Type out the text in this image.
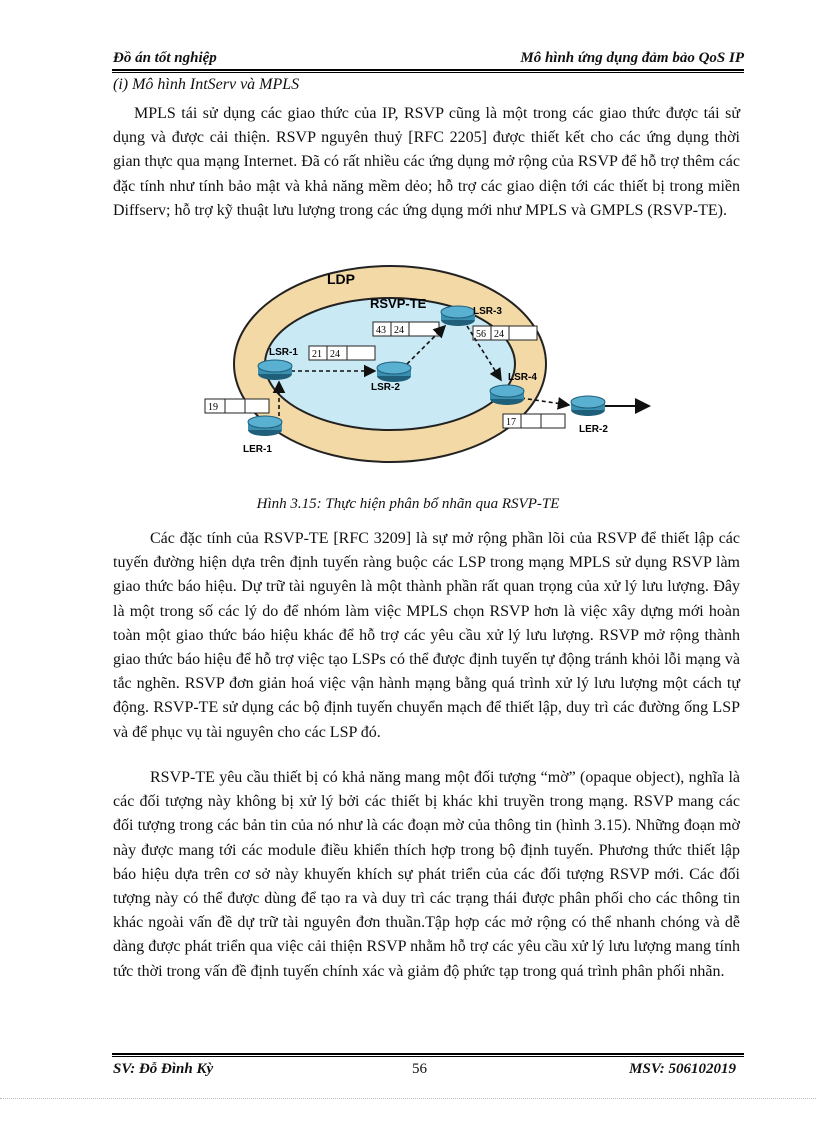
Đồ án tốt nghiệp	Mô hình ứng dụng đảm bảo QoS IP
(i) Mô hình IntServ và MPLS

MPLS tái sử dụng các giao thức của IP, RSVP cũng là một trong các giao thức được tái sử dụng và được cải thiện. RSVP nguyên thuỷ [RFC 2205] được thiết kết cho các ứng dụng thời gian thực qua mạng Internet. Đã có rất nhiều các ứng dụng mở rộng của RSVP để hỗ trợ thêm các đặc tính như tính bảo mật và khả năng mềm dẻo; hỗ trợ các giao diện tới các thiết bị trong miền Diffserv; hỗ trợ kỹ thuật lưu lượng trong các ứng dụng mới như MPLS và GMPLS (RSVP-TE).

LDP
RSVP-TE
21 24
43 24	56 24
19
17
LSR-1
LSR-2
LSR-3
LSR-4
LER-1
LER-2
Hình 3.15: Thực hiện phân bổ nhãn qua RSVP-TE

Các đặc tính của RSVP-TE [RFC 3209] là sự mở rộng phần lõi của RSVP để thiết lập các tuyến đường hiện dựa trên định tuyến ràng buộc các LSP trong mạng MPLS sử dụng RSVP làm giao thức báo hiệu. Dự trữ tài nguyên là một thành phần rất quan trọng của xử lý lưu lượng. Đây là một trong số các lý do để nhóm làm việc MPLS chọn RSVP hơn là việc xây dựng mới hoàn toàn một giao thức báo hiệu khác để hỗ trợ các yêu cầu xử lý lưu lượng. RSVP mở rộng thành giao thức báo hiệu để hỗ trợ việc tạo LSPs có thể được định tuyến tự động tránh khỏi lỗi mạng và tắc nghẽn. RSVP đơn giản hoá việc vận hành mạng bằng quá trình xử lý lưu lượng một cách tự động. RSVP-TE sử dụng các bộ định tuyến chuyển mạch để thiết lập, duy trì các đường ống LSP và để phục vụ tài nguyên cho các LSP đó.

RSVP-TE yêu cầu thiết bị có khả năng mang một đối tượng “mờ” (opaque object), nghĩa là các đối tượng này không bị xử lý bởi các thiết bị khác khi truyền trong mạng. RSVP mang các đối tượng trong các bản tin của nó như là các đoạn mờ của thông tin (hình 3.15). Những đoạn mờ này được mang tới các module điều khiển thích hợp trong bộ định tuyến. Phương thức thiết lập báo hiệu dựa trên cơ sở này khuyến khích sự phát triển của các đối tượng RSVP mới. Các đối tượng này có thể được dùng để tạo ra và duy trì các trạng thái được phân phối cho các thông tin khác ngoài vấn đề dự trữ tài nguyên đơn thuần.Tập hợp các mở rộng có thể nhanh chóng và dễ dàng được phát triển qua việc cải thiện RSVP nhằm hỗ trợ các yêu cầu xử lý lưu lượng mang tính tức thời trong vấn đề định tuyến chính xác và giảm độ phức tạp trong quá trình phân phối nhãn.

SV: Đỗ Đình Kỳ	56	MSV: 506102019
